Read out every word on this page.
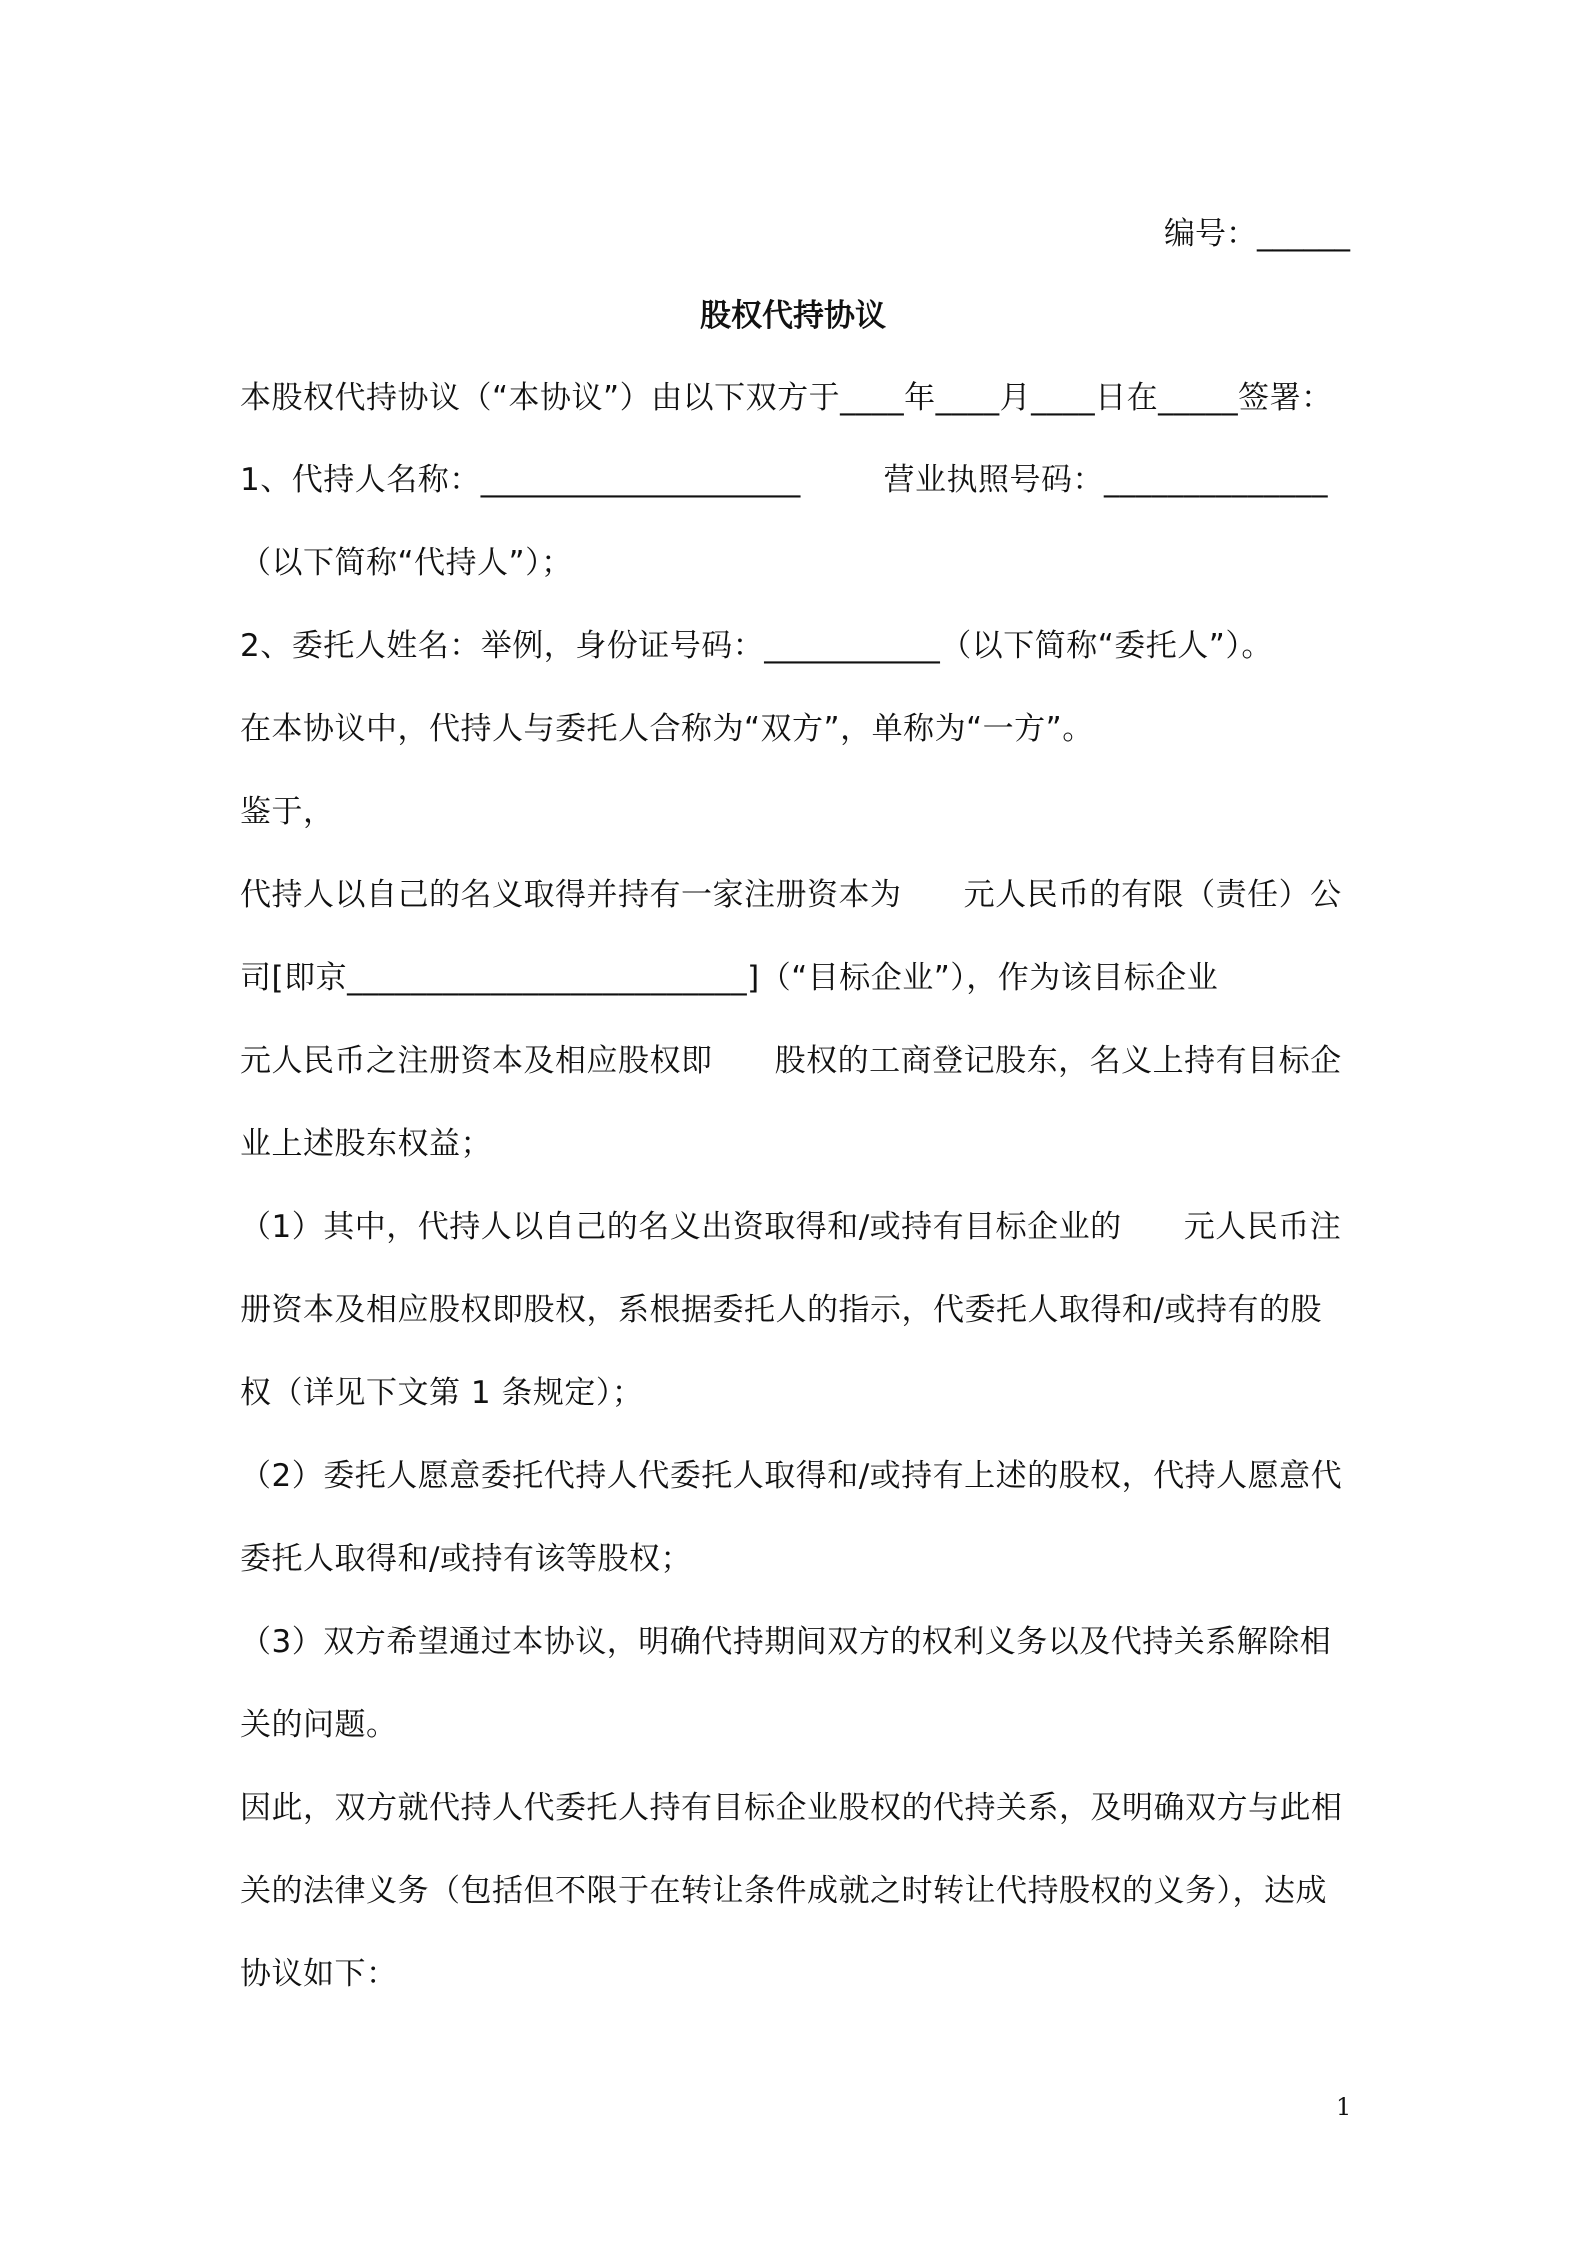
编号：______
股权代持协议
本股权代持协议（“本协议”）由以下双方于____年____月____日在_____签署：
1、代持人名称：____________________        营业执照号码：______________
（以下简称“代持人”）；
2、委托人姓名：举例，身份证号码：___________（以下简称“委托人”）。
在本协议中，代持人与委托人合称为“双方”，单称为“一方”。
鉴于，
代持人以自己的名义取得并持有一家注册资本为      元人民币的有限（责任）公
司[即京_________________________]（“目标企业”），作为该目标企业
元人民币之注册资本及相应股权即      股权的工商登记股东，名义上持有目标企
业上述股东权益；
（1）其中，代持人以自己的名义出资取得和/或持有目标企业的      元人民币注
册资本及相应股权即股权，系根据委托人的指示，代委托人取得和/或持有的股
权（详见下文第 1 条规定）；
（2）委托人愿意委托代持人代委托人取得和/或持有上述的股权，代持人愿意代
委托人取得和/或持有该等股权；
（3）双方希望通过本协议，明确代持期间双方的权利义务以及代持关系解除相
关的问题。
因此，双方就代持人代委托人持有目标企业股权的代持关系，及明确双方与此相
关的法律义务（包括但不限于在转让条件成就之时转让代持股权的义务），达成
协议如下：
1
